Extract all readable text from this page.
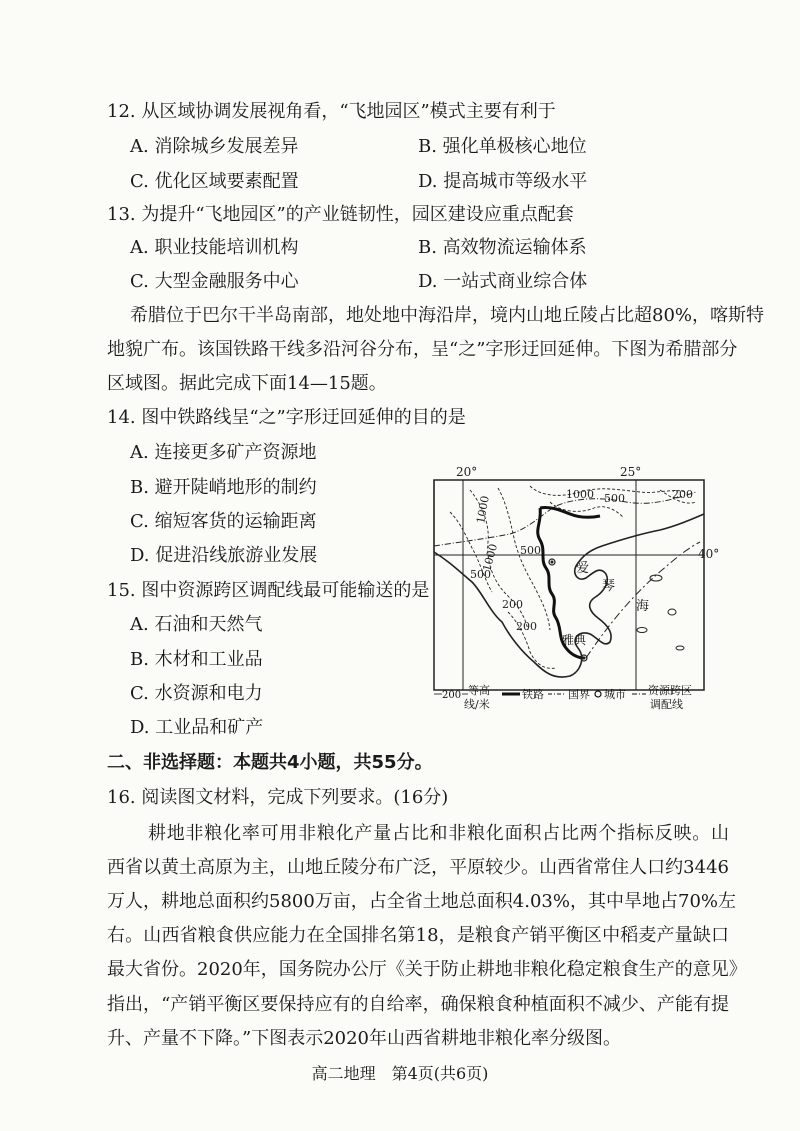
12. 从区域协调发展视角看，“飞地园区”模式主要有利于
A. 消除城乡发展差异	B. 强化单极核心地位
C. 优化区域要素配置	D. 提高城市等级水平
13. 为提升“飞地园区”的产业链韧性，园区建设应重点配套
A. 职业技能培训机构	B. 高效物流运输体系
C. 大型金融服务中心	D. 一站式商业综合体
希腊位于巴尔干半岛南部，地处地中海沿岸，境内山地丘陵占比超80%，喀斯特
地貌广布。该国铁路干线多沿河谷分布，呈“之”字形迂回延伸。下图为希腊部分
区域图。据此完成下面14—15题。
14. 图中铁路线呈“之”字形迂回延伸的目的是
A. 连接更多矿产资源地
B. 避开陡峭地形的制约
C. 缩短客货的运输距离
D. 促进沿线旅游业发展
15. 图中资源跨区调配线最可能输送的是
A. 石油和天然气
B. 木材和工业品
C. 水资源和电力
D. 工业品和矿产
二、非选择题：本题共4小题，共55分。
16. 阅读图文材料，完成下列要求。(16分)
耕地非粮化率可用非粮化产量占比和非粮化面积占比两个指标反映。山
西省以黄土高原为主，山地丘陵分布广泛，平原较少。山西省常住人口约3446
万人，耕地总面积约5800万亩，占全省土地总面积4.03%，其中旱地占70%左
右。山西省粮食供应能力在全国排名第18，是粮食产销平衡区中稻麦产量缺口
最大省份。2020年，国务院办公厅《关于防止耕地非粮化稳定粮食生产的意见》
指出，“产销平衡区要保持应有的自给率，确保粮食种植面积不减少、产能有提
升、产量不下降。”下图表示2020年山西省耕地非粮化率分级图。
20°	25°
40°
1000
1000
500
200
1000 500	200
500
200
爱
琴
海
雅典
200 等高
线/米
铁路 国界 城市 资源跨区
调配线
高二地理　第4页(共6页)
